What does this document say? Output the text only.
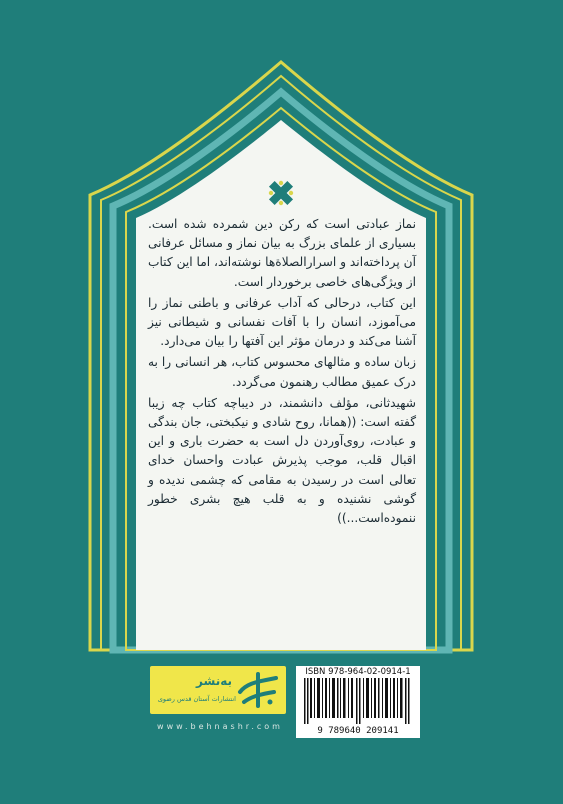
نماز عبادتی است که رکن دین شمرده شده است. بسیاری از علمای بزرگ به بیان نماز و مسائل عرفانی آن پرداخته‌اند و اسرارالصلاة‌ها نوشته‌اند، اما این کتاب از ویژگی‌های خاصی برخوردار است.

این کتاب، درحالی که آداب عرفانی و باطنی نماز را می‌آموزد، انسان را با آفات نفسانی و شیطانی نیز آشنا می‌کند و درمان مؤثر این آفتها را بیان می‌دارد.

زبان ساده و مثالهای محسوس کتاب، هر انسانی را به درک عمیق مطالب رهنمون می‌گردد.

شهیدثانی، مؤلف دانشمند، در دیباچه کتاب چه زیبا گفته است: ((همانا، روح شادی و نیکبختی، جان بندگی و عبادت، روی‌آوردن دل است به حضرت باری و این اقبال قلب، موجب پذیرش عبادت واحسان خدای تعالی است در رسیدن به مقامی که چشمی ندیده و گوشی نشنیده و به قلب هیچ بشری خطور ننموده‌است...))

به‌نشر
انتشارات آستان قدس رضوی
www.behnashr.com
ISBN 978-964-02-0914-1
9 789640 209141
